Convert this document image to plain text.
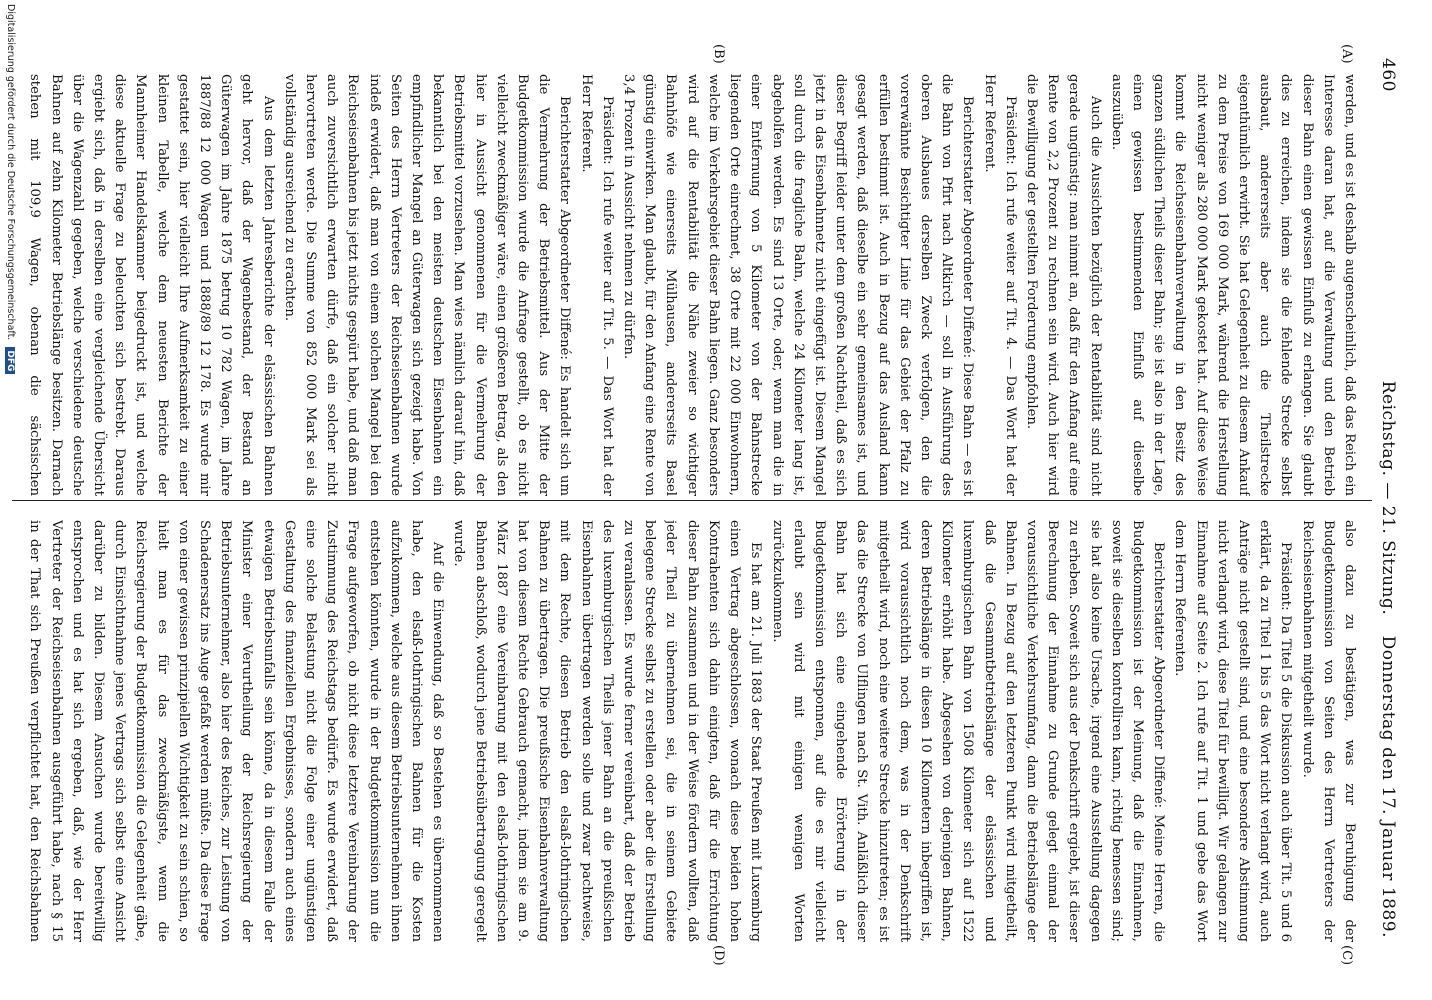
460
Reichstag. — 21. Sitzung.
Donnerstag den 17. Januar 1889.
(A)
(B)
(C)
(D)

werden, und es ist deshalb augenscheinlich, daß das Reich ein Interesse daran hat, auf die Verwaltung und den Betrieb dieser Bahn einen gewissen Einfluß zu erlangen. Sie glaubt dies zu erreichen, indem sie die fehlende Strecke selbst ausbaut, andererseits aber auch die Theilstrecke eigenthümlich erwirbt. Sie hat Gelegenheit zu diesem Ankauf zu dem Preise von 169 000 Mark, während die Herstellung nicht weniger als 280 000 Mark gekostet hat. Auf diese Weise kommt die Reichseisenbahnverwaltung in den Besitz des ganzen südlichen Theils dieser Bahn; sie ist also in der Lage, einen gewissen bestimmenden Einfluß auf dieselbe auszuüben.

Auch die Aussichten bezüglich der Rentabilität sind nicht gerade ungünstig: man nimmt an, daß für den Anfang auf eine Rente von 2,2 Prozent zu rechnen sein wird. Auch hier wird die Bewilligung der gestellten Forderung empfohlen.

Präsident: Ich rufe weiter auf Tit. 4. — Das Wort hat der Herr Referent.

Berichterstatter Abgeordneter Diffené: Diese Bahn — es ist die Bahn von Pfirt nach Altkirch — soll in Ausführung des oberen Ausbaues derselben Zweck verfolgen, den die vorerwähnte Besichtigter Linie für das Gebiet der Pfalz zu erfüllen bestimmt ist. Auch in Bezug auf das Ausland kann gesagt werden, daß dieselbe ein sehr gemeinsames ist, und dieser Begriff leider unter dem großen Nachtheil, daß es sich jetzt in das Eisenbahnnetz nicht eingefügt ist. Diesem Mangel soll durch die fragliche Bahn, welche 24 Kilometer lang ist, abgeholfen werden. Es sind 13 Orte, oder, wenn man die in einer Entfernung von 5 Kilometer von der Bahnstrecke liegenden Orte einrechnet, 38 Orte mit 22 000 Einwohnern, welche im Verkehrsgebiet dieser Bahn liegen. Ganz besonders wird auf die Rentabilität die Nähe zweier so wichtiger Bahnhöfe wie einerseits Mülhausen, andererseits Basel günstig einwirken. Man glaubt, für den Anfang eine Rente von 3,4 Prozent in Aussicht nehmen zu dürfen.

Präsident: Ich rufe weiter auf Tit. 5. — Das Wort hat der Herr Referent.

Berichterstatter Abgeordneter Diffené: Es handelt sich um die Vermehrung der Betriebsmittel. Aus der Mitte der Budgetkommission wurde die Anfrage gestellt, ob es nicht vielleicht zweckmäßiger wäre, einen größeren Betrag, als den hier in Aussicht genommenen für die Vermehrung der Betriebsmittel vorzusehen. Man wies nämlich darauf hin, daß bekanntlich bei den meisten deutschen Eisenbahnen ein empfindlicher Mangel an Güterwagen sich gezeigt habe. Von Seiten des Herrn Vertreters der Reichseisenbahnen wurde indeß erwidert, daß man von einem solchen Mangel bei den Reichseisenbahnen bis jetzt nichts gespürt habe, und daß man auch zuversichtlich erwarten dürfe, daß ein solcher nicht hervortreten werde. Die Summe von 852 000 Mark sei als vollständig ausreichend zu erachten.

Aus dem letzten Jahresberichte der elsässischen Bahnen geht hervor, daß der Wagenbestand, der Bestand an Güterwagen im Jahre 1875 betrug 10 782 Wagen, im Jahre 1887/88 12 000 Wagen und 1888/89 12 178. Es wurde mir gestattet sein, hier vielleicht Ihre Aufmerksamkeit zu einer kleinen Tabelle, welche dem neuesten Berichte der Mannheimer Handelskammer beigedruckt ist, und welche diese aktuelle Frage zu beleuchten sich bestrebt. Daraus ergiebt sich, daß in derselben eine vergleichende Übersicht über die Wagenzahl gegeben, welche verschiedene deutsche Bahnen auf zehn Kilometer Betriebslänge besitzen. Darnach stehen mit 109,9 Wagen, obenan die sächsischen

also dazu zu bestätigen, was zur Beruhigung der Budgetkommission von Seiten des Herrn Vertreters der Reichseisenbahnen mitgetheilt wurde.

Präsident: Da Titel 5 die Diskussion auch über Tit. 5 und 6 erklärt, da zu Titel 1 bis 5 das Wort nicht verlangt wird, auch Anträge nicht gestellt sind, und eine besondere Abstimmung nicht verlangt wird, diese Titel für bewilligt. Wir gelangen zur Einnahme auf Seite 2. Ich rufe auf Tit. 1 und gebe das Wort dem Herrn Referenten.

Berichterstatter Abgeordneter Diffené: Meine Herren, die Budgetkommission ist der Meinung, daß die Einnahmen, soweit sie dieselben kontrolliren kann, richtig bemessen sind; sie hat also keine Ursache, irgend eine Ausstellung dagegen zu erheben. Soweit sich aus der Denkschrift ergiebt, ist dieser Berechnung der Einnahme zu Grunde gelegt einmal der voraussichtliche Verkehrsumfang, dann die Betriebslänge der Bahnen. In Bezug auf den letzteren Punkt wird mitgetheilt, daß die Gesammtbetriebslänge der elsässischen und luxemburgischen Bahn von 1508 Kilometer sich auf 1522 Kilometer erhöht habe. Abgesehen von derjenigen Bahnen, deren Betriebslänge in diesen 10 Kilometern inbegriffen ist, wird voraussichtlich noch dem, was in der Denkschrift mitgetheilt wird, noch eine weitere Strecke hinzutreten; es ist das die Strecke von Ulflingen nach St. Vith. Anläßlich dieser Bahn hat sich eine eingehende Erörterung in der Budgetkommission entsponnen, auf die es mir vielleicht erlaubt sein wird mit einigen wenigen Worten zurückzukommen.

Es hat am 21. Juli 1883 der Staat Preußen mit Luxemburg einen Vertrag abgeschlossen, wonach diese beiden hohen Kontrahenten sich dahin einigten, daß für die Errichtung dieser Bahn zusammen und in der Weise fördern wollten, daß jeder Theil zu übernehmen sei, die in seinem Gebiete belegene Strecke selbst zu erstellen oder aber die Erstellung zu veranlassen. Es wurde ferner vereinbart, daß der Betrieb des luxemburgischen Theils jener Bahn an die preußischen Eisenbahnen übertragen werden solle und zwar pachtweise, mit dem Rechte, diesen Betrieb den elsaß-lothringischen Bahnen zu übertragen. Die preußische Eisenbahnverwaltung hat von diesem Rechte Gebrauch gemacht, indem sie am 9. März 1887 eine Vereinbarung mit den elsaß-lothringischen Bahnen abschloß, wodurch jene Betriebsübertragung geregelt wurde.

Auf die Einwendung, daß so Bestehen es übernommenen habe, den elsaß-lothringischen Bahnen für die Kosten aufzukommen, welche aus diesem Betriebsunternehmen ihnen entstehen könnten, wurde in der Budgetkommission nun die Frage aufgeworfen, ob nicht diese letztere Vereinbarung der Zustimmung des Reichstags bedürfe. Es wurde erwidert, daß eine solche Belastung nicht die Folge einer ungünstigen Gestaltung des finanziellen Ergebnisses, sondern auch eines etwaigen Betriebsunfalls sein könne, da in diesem Falle der Minister einer Verurtheilung der Reichsregierung der Betriebsunternehmer, also hier des Reiches, zur Leistung von Schadenersatz ins Auge gefaßt werden müßte. Da diese Frage von einer gewissen prinzipiellen Wichtigkeit zu sein schien, so hielt man es für das zweckmäßigste, wenn die Reichsregierung der Budgetkommission die Gelegenheit gäbe, durch Einsichtnahme jenes Vertrags sich selbst eine Ansicht darüber zu bilden. Diesem Ansuchen wurde bereitwillig entsprochen und es hat sich ergeben, daß, wie der Herr Vertreter der Reichseisenbahnen ausgeführt habe, nach § 15 in der That sich Preußen verpflichtet hat, den Reichsbahnen

Digitalisierung gefördert durch die Deutsche Forschungsgemeinschaft. DFG
